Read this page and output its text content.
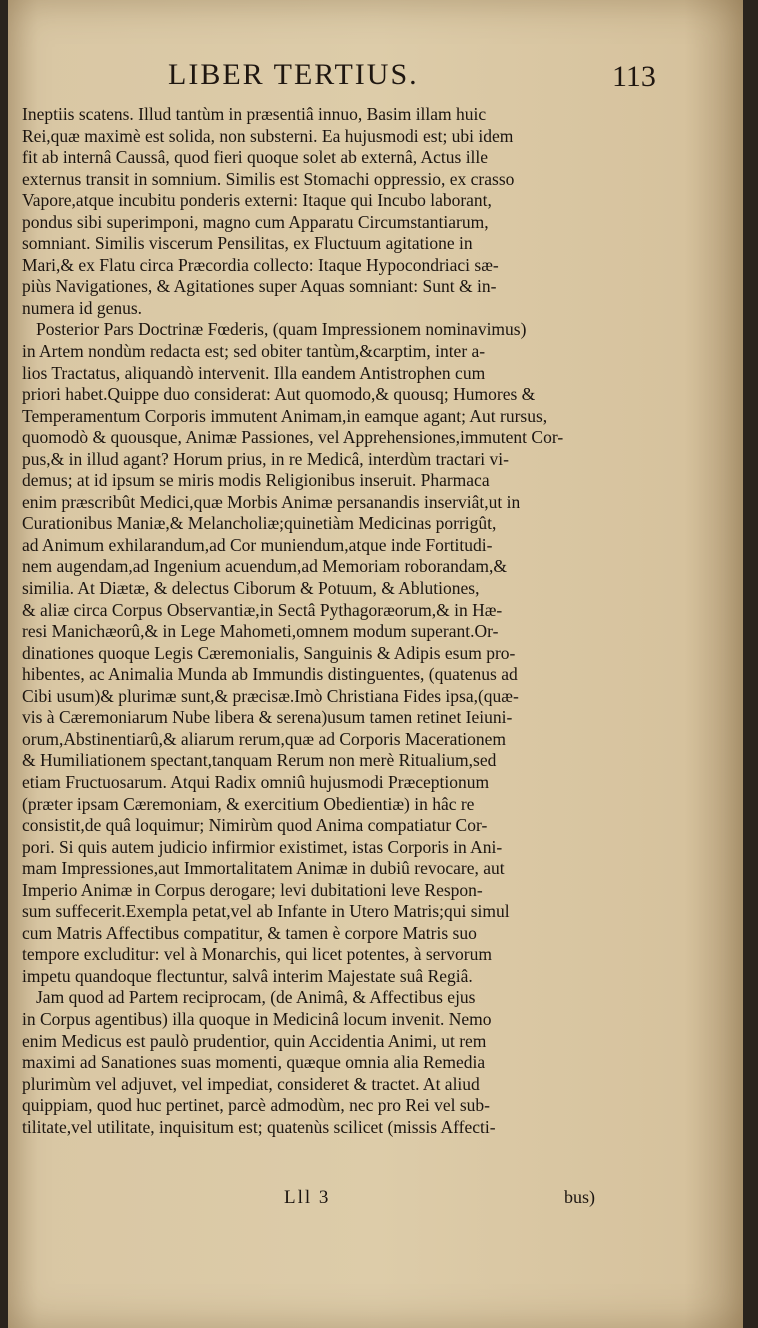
LIBER TERTIUS.	113
Ineptiis scatens. Illud tantùm in præsentiâ innuo, Basim illam huic
Rei,quæ maximè est solida, non substerni. Ea hujusmodi est; ubi idem
fit ab internâ Caussâ, quod fieri quoque solet ab externâ, Actus ille
externus transit in somnium. Similis est Stomachi oppressio, ex crasso
Vapore,atque incubitu ponderis externi: Itaque qui Incubo laborant,
pondus sibi superimponi, magno cum Apparatu Circumstantiarum,
somniant. Similis viscerum Pensilitas, ex Fluctuum agitatione in
Mari,& ex Flatu circa Præcordia collecto: Itaque Hypocondriaci sæ-
piùs Navigationes, & Agitationes super Aquas somniant: Sunt & in-
numera id genus.
Posterior Pars Doctrinæ Fœderis, (quam Impressionem nominavimus)
in Artem nondùm redacta est; sed obiter tantùm,&carptim, inter a-
lios Tractatus, aliquandò intervenit. Illa eandem Antistrophen cum
priori habet.Quippe duo considerat: Aut quomodo,& quousq; Humores &
Temperamentum Corporis immutent Animam,in eamque agant; Aut rursus,
quomodò & quousque, Animæ Passiones, vel Apprehensiones,immutent Cor-
pus,& in illud agant? Horum prius, in re Medicâ, interdùm tractari vi-
demus; at id ipsum se miris modis Religionibus inseruit. Pharmaca
enim præscribût Medici,quæ Morbis Animæ persanandis inserviât,ut in
Curationibus Maniæ,& Melancholiæ;quinetiàm Medicinas porrigût,
ad Animum exhilarandum,ad Cor muniendum,atque inde Fortitudi-
nem augendam,ad Ingenium acuendum,ad Memoriam roborandam,&
similia. At Diætæ, & delectus Ciborum & Potuum, & Ablutiones,
& aliæ circa Corpus Observantiæ,in Sectâ Pythagoræorum,& in Hæ-
resi Manichæorû,& in Lege Mahometi,omnem modum superant.Or-
dinationes quoque Legis Cæremonialis, Sanguinis & Adipis esum pro-
hibentes, ac Animalia Munda ab Immundis distinguentes, (quatenus ad
Cibi usum)& plurimæ sunt,& præcisæ.Imò Christiana Fides ipsa,(quæ-
vis à Cæremoniarum Nube libera & serena)usum tamen retinet Ieiuni-
orum,Abstinentiarû,& aliarum rerum,quæ ad Corporis Macerationem
& Humiliationem spectant,tanquam Rerum non merè Ritualium,sed
etiam Fructuosarum. Atqui Radix omniû hujusmodi Præceptionum
(præter ipsam Cæremoniam, & exercitium Obedientiæ) in hâc re
consistit,de quâ loquimur; Nimirùm quod Anima compatiatur Cor-
pori. Si quis autem judicio infirmior existimet, istas Corporis in Ani-
mam Impressiones,aut Immortalitatem Animæ in dubiû revocare, aut
Imperio Animæ in Corpus derogare; levi dubitationi leve Respon-
sum suffecerit.Exempla petat,vel ab Infante in Utero Matris;qui simul
cum Matris Affectibus compatitur, & tamen è corpore Matris suo
tempore excluditur: vel à Monarchis, qui licet potentes, à servorum
impetu quandoque flectuntur, salvâ interim Majestate suâ Regiâ.
Jam quod ad Partem reciprocam, (de Animâ, & Affectibus ejus
in Corpus agentibus) illa quoque in Medicinâ locum invenit. Nemo
enim Medicus est paulò prudentior, quin Accidentia Animi, ut rem
maximi ad Sanationes suas momenti, quæque omnia alia Remedia
plurimùm vel adjuvet, vel impediat, consideret & tractet. At aliud
quippiam, quod huc pertinet, parcè admodùm, nec pro Rei vel sub-
tilitate,vel utilitate, inquisitum est; quatenùs scilicet (missis Affecti-
Lll 3	bus)
